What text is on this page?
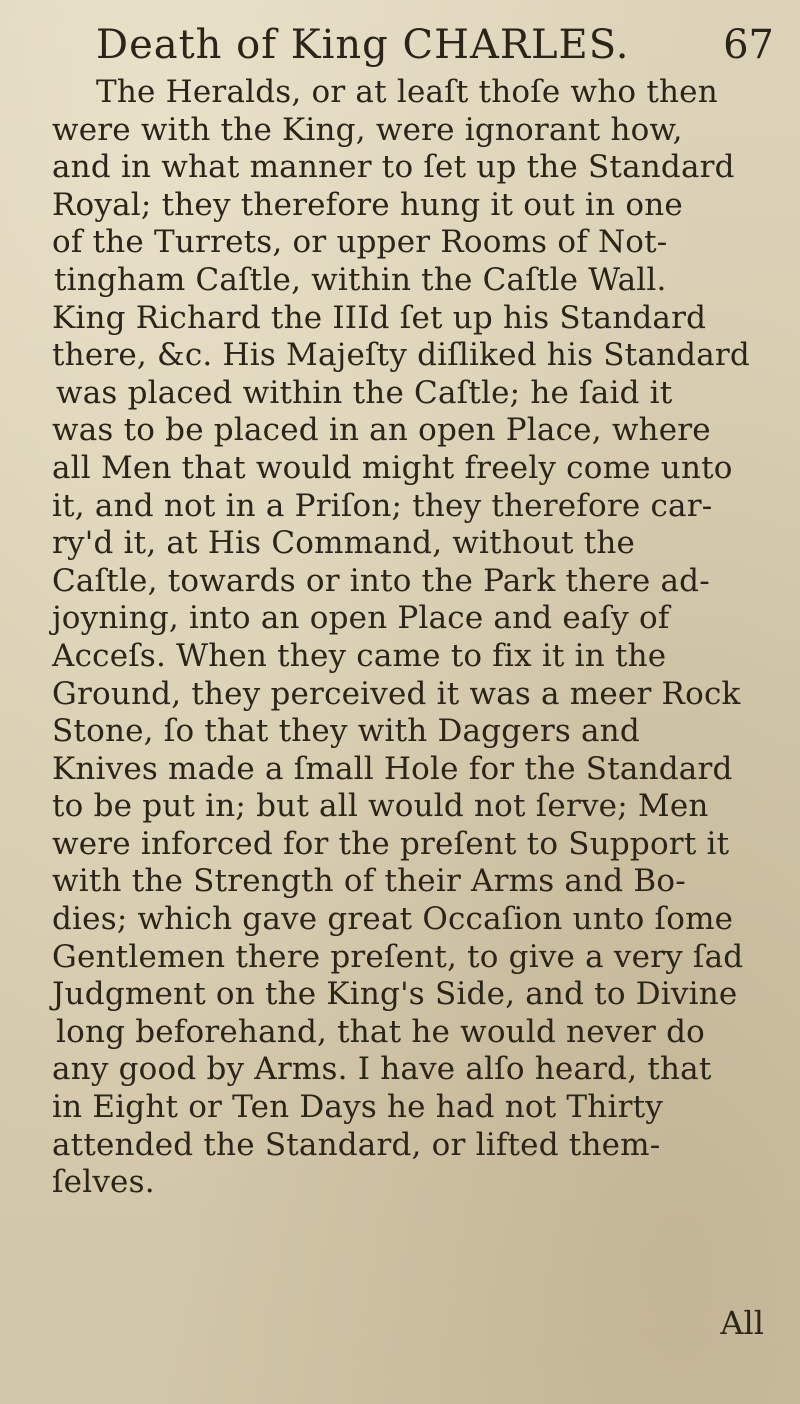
Death of King CHARLES. 67
The Heralds, or at leaſt thoſe who then
were with the King, were ignorant how,
and in what manner to ſet up the Standard
Royal; they therefore hung it out in one
of the Turrets, or upper Rooms of Not-
tingham Caſtle, within the Caſtle Wall.
King Richard the IIId ſet up his Standard
there, &c. His Majeſty diſliked his Standard
was placed within the Caſtle; he ſaid it
was to be placed in an open Place, where
all Men that would might freely come unto
it, and not in a Priſon; they therefore car-
ry'd it, at His Command, without the
Caſtle, towards or into the Park there ad-
joyning, into an open Place and eaſy of
Acceſs. When they came to fix it in the
Ground, they perceived it was a meer Rock
Stone, ſo that they with Daggers and
Knives made a ſmall Hole for the Standard
to be put in; but all would not ſerve; Men
were inforced for the preſent to Support it
with the Strength of their Arms and Bo-
dies; which gave great Occaſion unto ſome
Gentlemen there preſent, to give a very ſad
Judgment on the King's Side, and to Divine
long beforehand, that he would never do
any good by Arms. I have alſo heard, that
in Eight or Ten Days he had not Thirty
attended the Standard, or lifted them-
ſelves.
All
